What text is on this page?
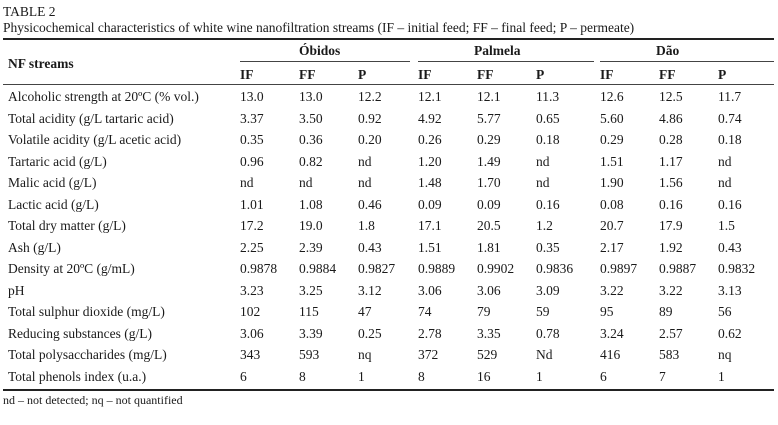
TABLE 2
Physicochemical characteristics of white wine nanofiltration streams (IF – initial feed; FF – final feed; P – permeate)
NF streams
Óbidos	Palmela	Dão
IF	FF	P	IF	FF	P	IF	FF	P
Alcoholic strength at 20ºC (% vol.)	13.0	13.0	12.2	12.1	12.1	11.3	12.6	12.5	11.7
Total acidity (g/L tartaric acid)	3.37	3.50	0.92	4.92	5.77	0.65	5.60	4.86	0.74
Volatile acidity (g/L acetic acid)	0.35	0.36	0.20	0.26	0.29	0.18	0.29	0.28	0.18
Tartaric acid (g/L)	0.96	0.82	nd	1.20	1.49	nd	1.51	1.17	nd
Malic acid (g/L)	nd	nd	nd	1.48	1.70	nd	1.90	1.56	nd
Lactic acid (g/L)	1.01	1.08	0.46	0.09	0.09	0.16	0.08	0.16	0.16
Total dry matter (g/L)	17.2	19.0	1.8	17.1	20.5	1.2	20.7	17.9	1.5
Ash (g/L)	2.25	2.39	0.43	1.51	1.81	0.35	2.17	1.92	0.43
Density at 20ºC (g/mL)	0.9878	0.9884	0.9827	0.9889	0.9902	0.9836	0.9897	0.9887	0.9832
pH	3.23	3.25	3.12	3.06	3.06	3.09	3.22	3.22	3.13
Total sulphur dioxide (mg/L)	102	115	47	74	79	59	95	89	56
Reducing substances (g/L)	3.06	3.39	0.25	2.78	3.35	0.78	3.24	2.57	0.62
Total polysaccharides (mg/L)	343	593	nq	372	529	Nd	416	583	nq
Total phenols index (u.a.)	6	8	1	8	16	1	6	7	1
nd – not detected; nq – not quantified
